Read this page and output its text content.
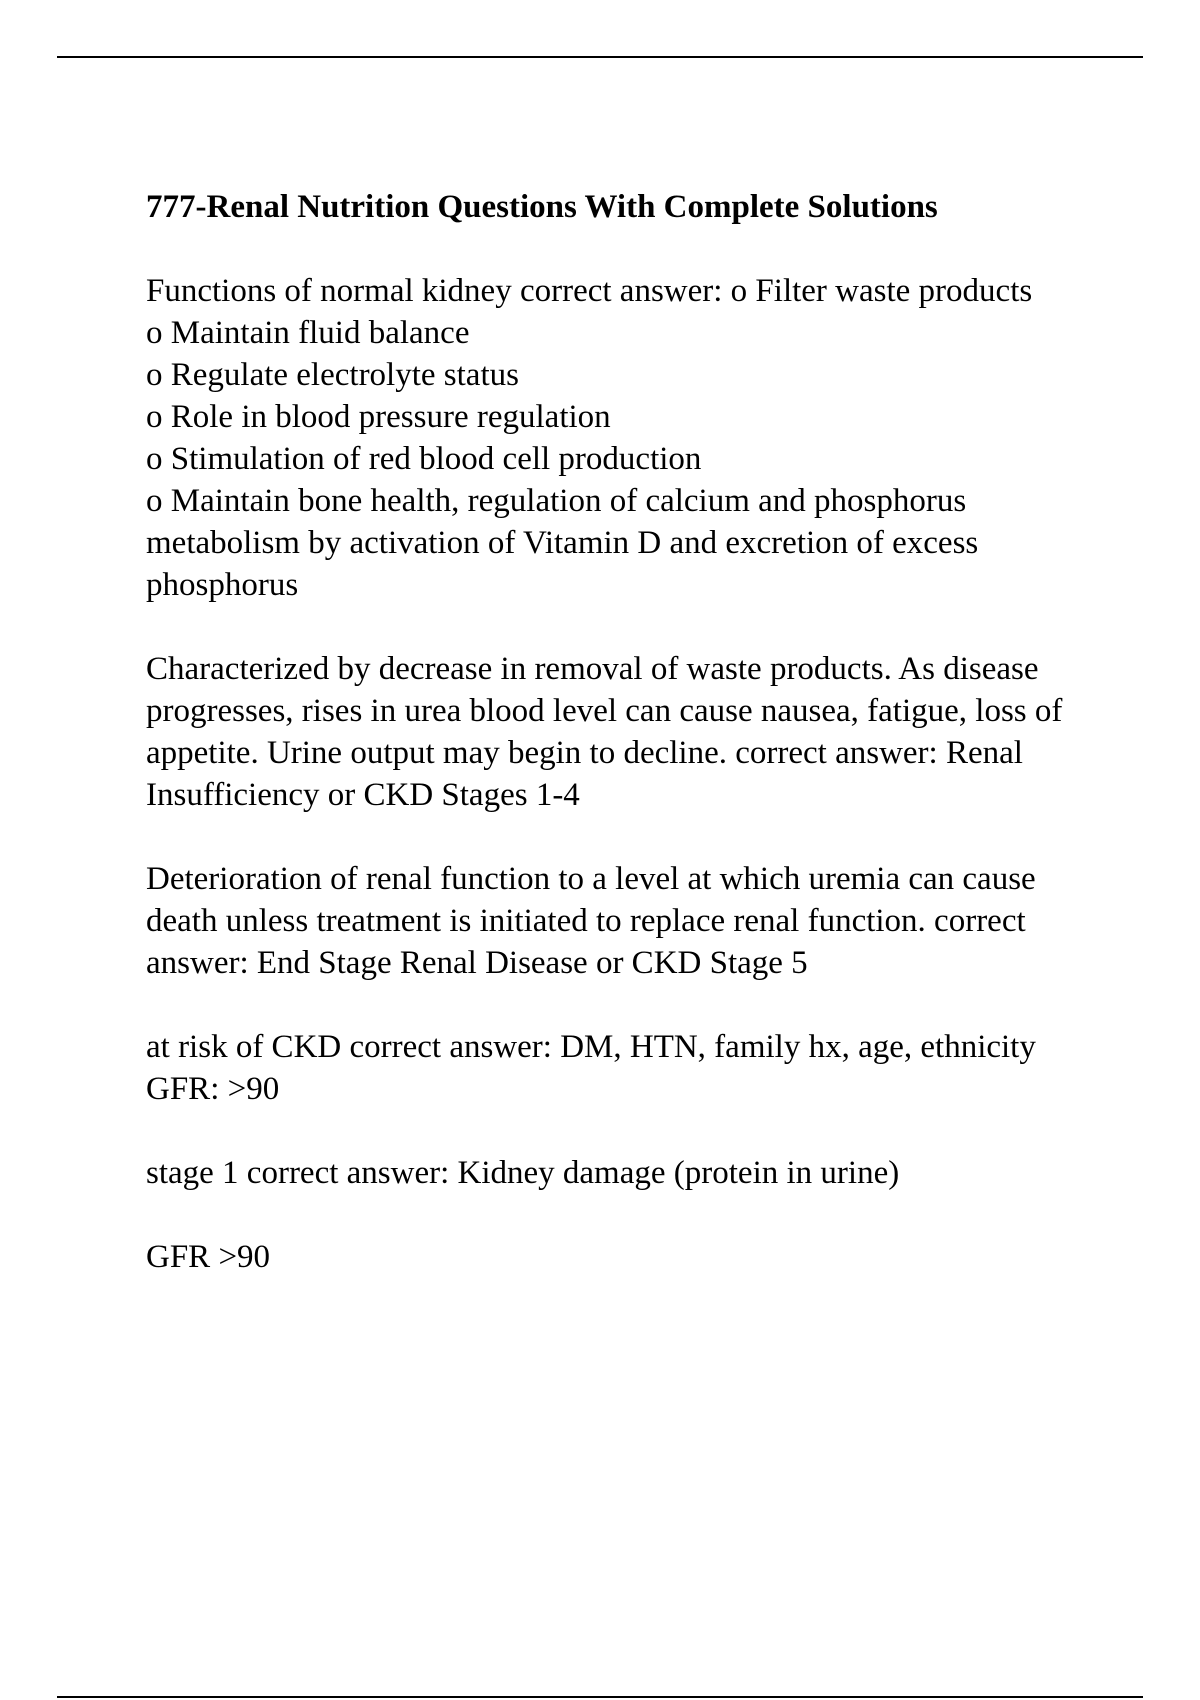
777-Renal Nutrition Questions With Complete Solutions
Functions of normal kidney correct answer: o Filter waste products
o Maintain fluid balance
o Regulate electrolyte status
o Role in blood pressure regulation
o Stimulation of red blood cell production
o Maintain bone health, regulation of calcium and phosphorus metabolism by activation of Vitamin D and excretion of excess phosphorus
Characterized by decrease in removal of waste products. As disease progresses, rises in urea blood level can cause nausea, fatigue, loss of appetite. Urine output may begin to decline. correct answer: Renal Insufficiency or CKD Stages 1-4
Deterioration of renal function to a level at which uremia can cause death unless treatment is initiated to replace renal function. correct answer: End Stage Renal Disease or CKD Stage 5
at risk of CKD correct answer: DM, HTN, family hx, age, ethnicity
GFR: >90
stage 1 correct answer: Kidney damage (protein in urine)
GFR >90
